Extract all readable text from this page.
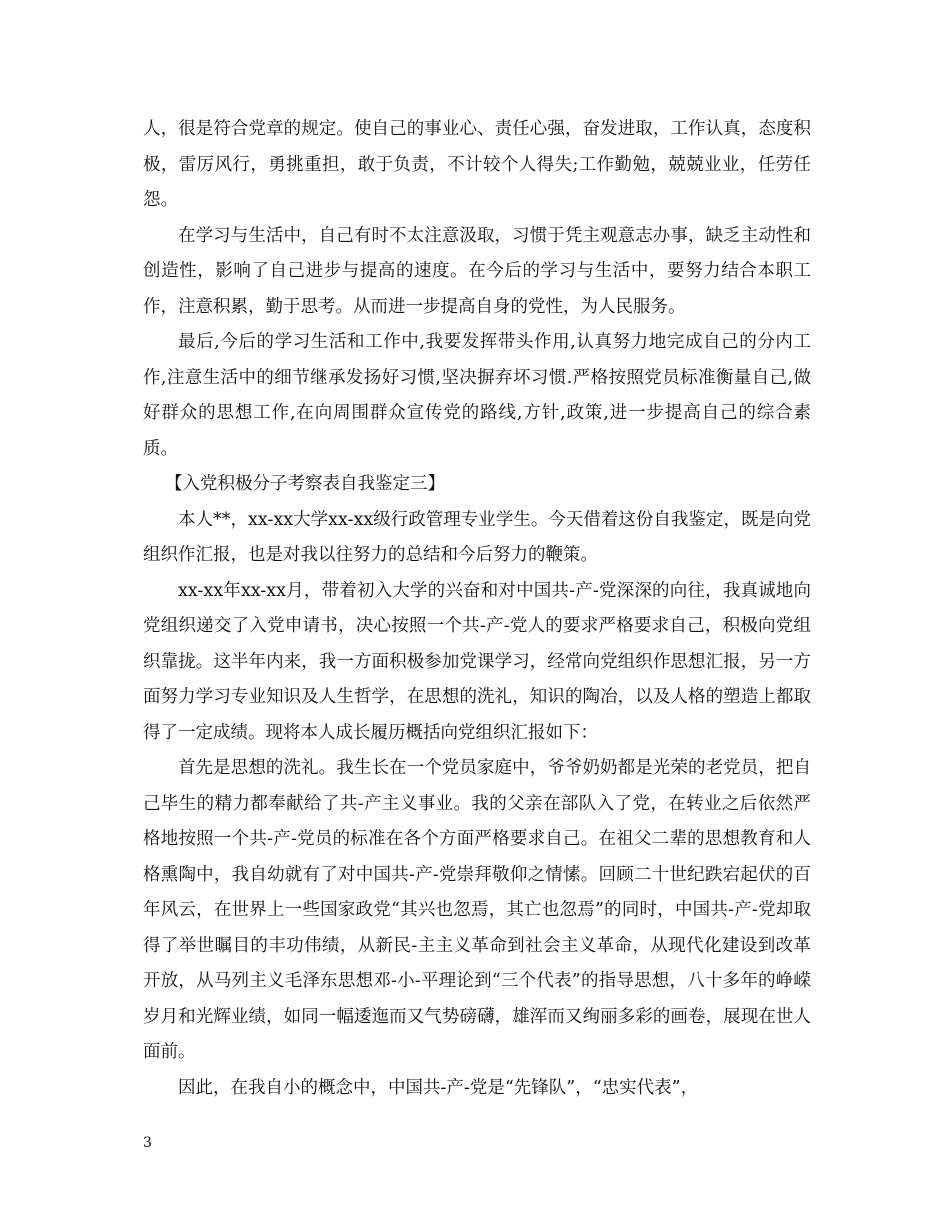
人，很是符合党章的规定。使自己的事业心、责任心强，奋发进取，工作认真，态度积极，雷厉风行，勇挑重担，敢于负责，不计较个人得失;工作勤勉，兢兢业业，任劳任怨。

在学习与生活中，自己有时不太注意汲取，习惯于凭主观意志办事，缺乏主动性和创造性，影响了自己进步与提高的速度。在今后的学习与生活中，要努力结合本职工作，注意积累，勤于思考。从而进一步提高自身的党性，为人民服务。

最后,今后的学习生活和工作中,我要发挥带头作用,认真努力地完成自己的分内工作,注意生活中的细节继承发扬好习惯,坚决摒弃坏习惯.严格按照党员标准衡量自己,做好群众的思想工作,在向周围群众宣传党的路线,方针,政策,进一步提高自己的综合素质。

【入党积极分子考察表自我鉴定三】

本人**，xx-xx大学xx-xx级行政管理专业学生。今天借着这份自我鉴定，既是向党组织作汇报，也是对我以往努力的总结和今后努力的鞭策。

xx-xx年xx-xx月，带着初入大学的兴奋和对中国共-产-党深深的向往，我真诚地向党组织递交了入党申请书，决心按照一个共-产-党人的要求严格要求自己，积极向党组织靠拢。这半年内来，我一方面积极参加党课学习，经常向党组织作思想汇报，另一方面努力学习专业知识及人生哲学，在思想的洗礼，知识的陶冶，以及人格的塑造上都取得了一定成绩。现将本人成长履历概括向党组织汇报如下：

首先是思想的洗礼。我生长在一个党员家庭中，爷爷奶奶都是光荣的老党员，把自己毕生的精力都奉献给了共-产主义事业。我的父亲在部队入了党，在转业之后依然严格地按照一个共-产-党员的标准在各个方面严格要求自己。在祖父二辈的思想教育和人格熏陶中，我自幼就有了对中国共-产-党崇拜敬仰之情愫。回顾二十世纪跌宕起伏的百年风云，在世界上一些国家政党“其兴也忽焉，其亡也忽焉”的同时，中国共-产-党却取得了举世瞩目的丰功伟绩，从新民-主主义革命到社会主义革命，从现代化建设到改革开放，从马列主义毛泽东思想邓-小-平理论到“三个代表”的指导思想，八十多年的峥嵘岁月和光辉业绩，如同一幅逶迤而又气势磅礴，雄浑而又绚丽多彩的画卷，展现在世人面前。

因此，在我自小的概念中，中国共-产-党是“先锋队”，“忠实代表”，

3
